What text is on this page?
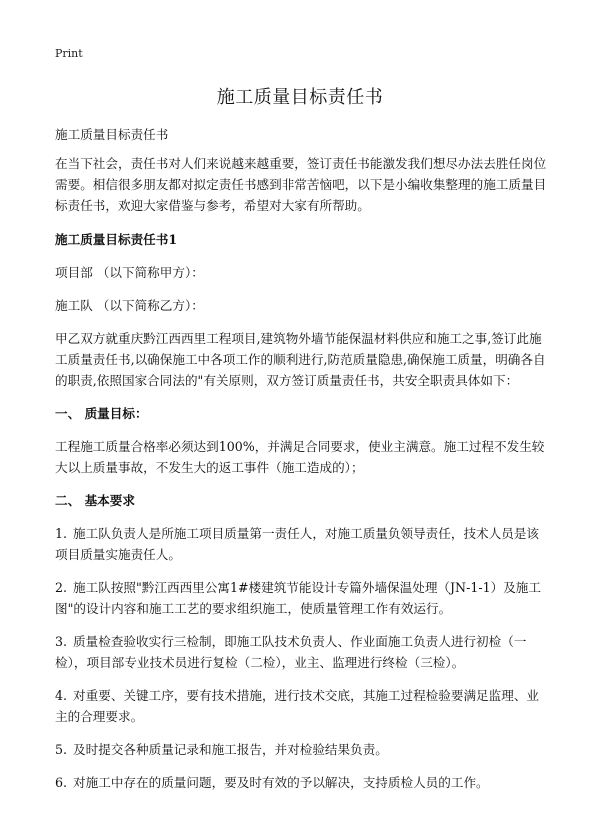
Print
施工质量目标责任书

施工质量目标责任书

在当下社会，责任书对人们来说越来越重要，签订责任书能激发我们想尽办法去胜任岗位需要。相信很多朋友都对拟定责任书感到非常苦恼吧，以下是小编收集整理的施工质量目标责任书，欢迎大家借鉴与参考，希望对大家有所帮助。

施工质量目标责任书1

项目部 （以下简称甲方）：

施工队 （以下简称乙方）：

甲乙双方就重庆黔江西西里工程项目,建筑物外墙节能保温材料供应和施工之事,签订此施工质量责任书,以确保施工中各项工作的顺利进行,防范质量隐患,确保施工质量，明确各自的职责,依照国家合同法的"有关原则，双方签订质量责任书，共安全职责具体如下：

一、 质量目标：

工程施工质量合格率必须达到100%，并满足合同要求，使业主满意。施工过程不发生较大以上质量事故，不发生大的返工事件（施工造成的）；

二、 基本要求

1. 施工队负责人是所施工项目质量第一责任人，对施工质量负领导责任，技术人员是该项目质量实施责任人。

2. 施工队按照"黔江西西里公寓1#楼建筑节能设计专篇外墙保温处理（JN-1-1）及施工图"的设计内容和施工工艺的要求组织施工，使质量管理工作有效运行。

3. 质量检查验收实行三检制，即施工队技术负责人、作业面施工负责人进行初检（一检），项目部专业技术员进行复检（二检），业主、监理进行终检（三检）。

4. 对重要、关键工序，要有技术措施，进行技术交底，其施工过程检验要满足监理、业主的合理要求。

5. 及时提交各种质量记录和施工报告，并对检验结果负责。

6. 对施工中存在的质量问题，要及时有效的予以解决，支持质检人员的工作。
